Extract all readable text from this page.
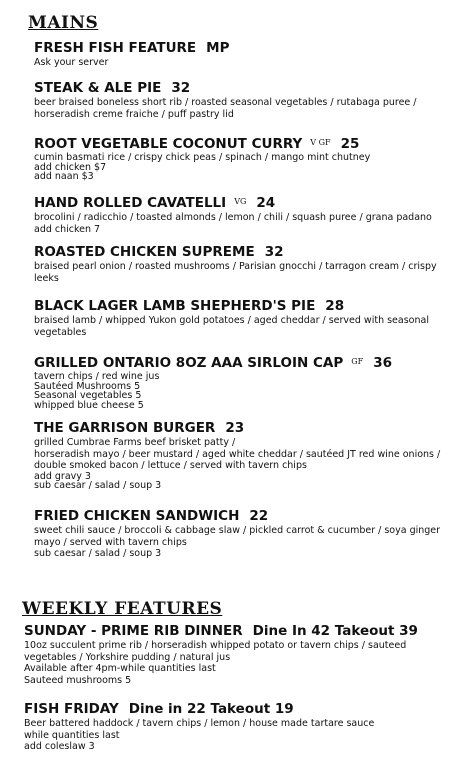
MAINS
FRESH FISH FEATURE MP
Ask your server
STEAK & ALE PIE 32
beer braised boneless short rib / roasted seasonal vegetables / rutabaga puree /
horseradish creme fraiche / puff pastry lid
ROOT VEGETABLE COCONUT CURRY $^{V GF}$ 25
cumin basmati rice / crispy chick peas / spinach / mango mint chutney
add chicken $7
add naan $3
HAND ROLLED CAVATELLI $^{VG}$ 24
brocolini / radicchio / toasted almonds / lemon / chili / squash puree / grana padano
add chicken 7
ROASTED CHICKEN SUPREME 32
braised pearl onion / roasted mushrooms / Parisian gnocchi / tarragon cream / crispy
leeks
BLACK LAGER LAMB SHEPHERD'S PIE 28
braised lamb / whipped Yukon gold potatoes / aged cheddar / served with seasonal
vegetables
GRILLED ONTARIO 8OZ AAA SIRLOIN CAP $^{GF}$ 36
tavern chips / red wine jus
Sautéed Mushrooms 5
Seasonal vegetables 5
whipped blue cheese 5
THE GARRISON BURGER 23
grilled Cumbrae Farms beef brisket patty /
horseradish mayo / beer mustard / aged white cheddar / sautéed JT red wine onions /
double smoked bacon / lettuce / served with tavern chips
add gravy 3
sub caesar / salad / soup 3
FRIED CHICKEN SANDWICH 22
sweet chili sauce / broccoli & cabbage slaw / pickled carrot & cucumber / soya ginger
mayo / served with tavern chips
sub caesar / salad / soup 3
WEEKLY FEATURES
SUNDAY - PRIME RIB DINNER Dine In 42 Takeout 39
10oz succulent prime rib / horseradish whipped potato or tavern chips / sauteed
vegetables / Yorkshire pudding / natural jus
Available after 4pm-while quantities last
Sauteed mushrooms 5
FISH FRIDAY Dine in 22 Takeout 19
Beer battered haddock / tavern chips / lemon / house made tartare sauce
while quantities last
add coleslaw 3
